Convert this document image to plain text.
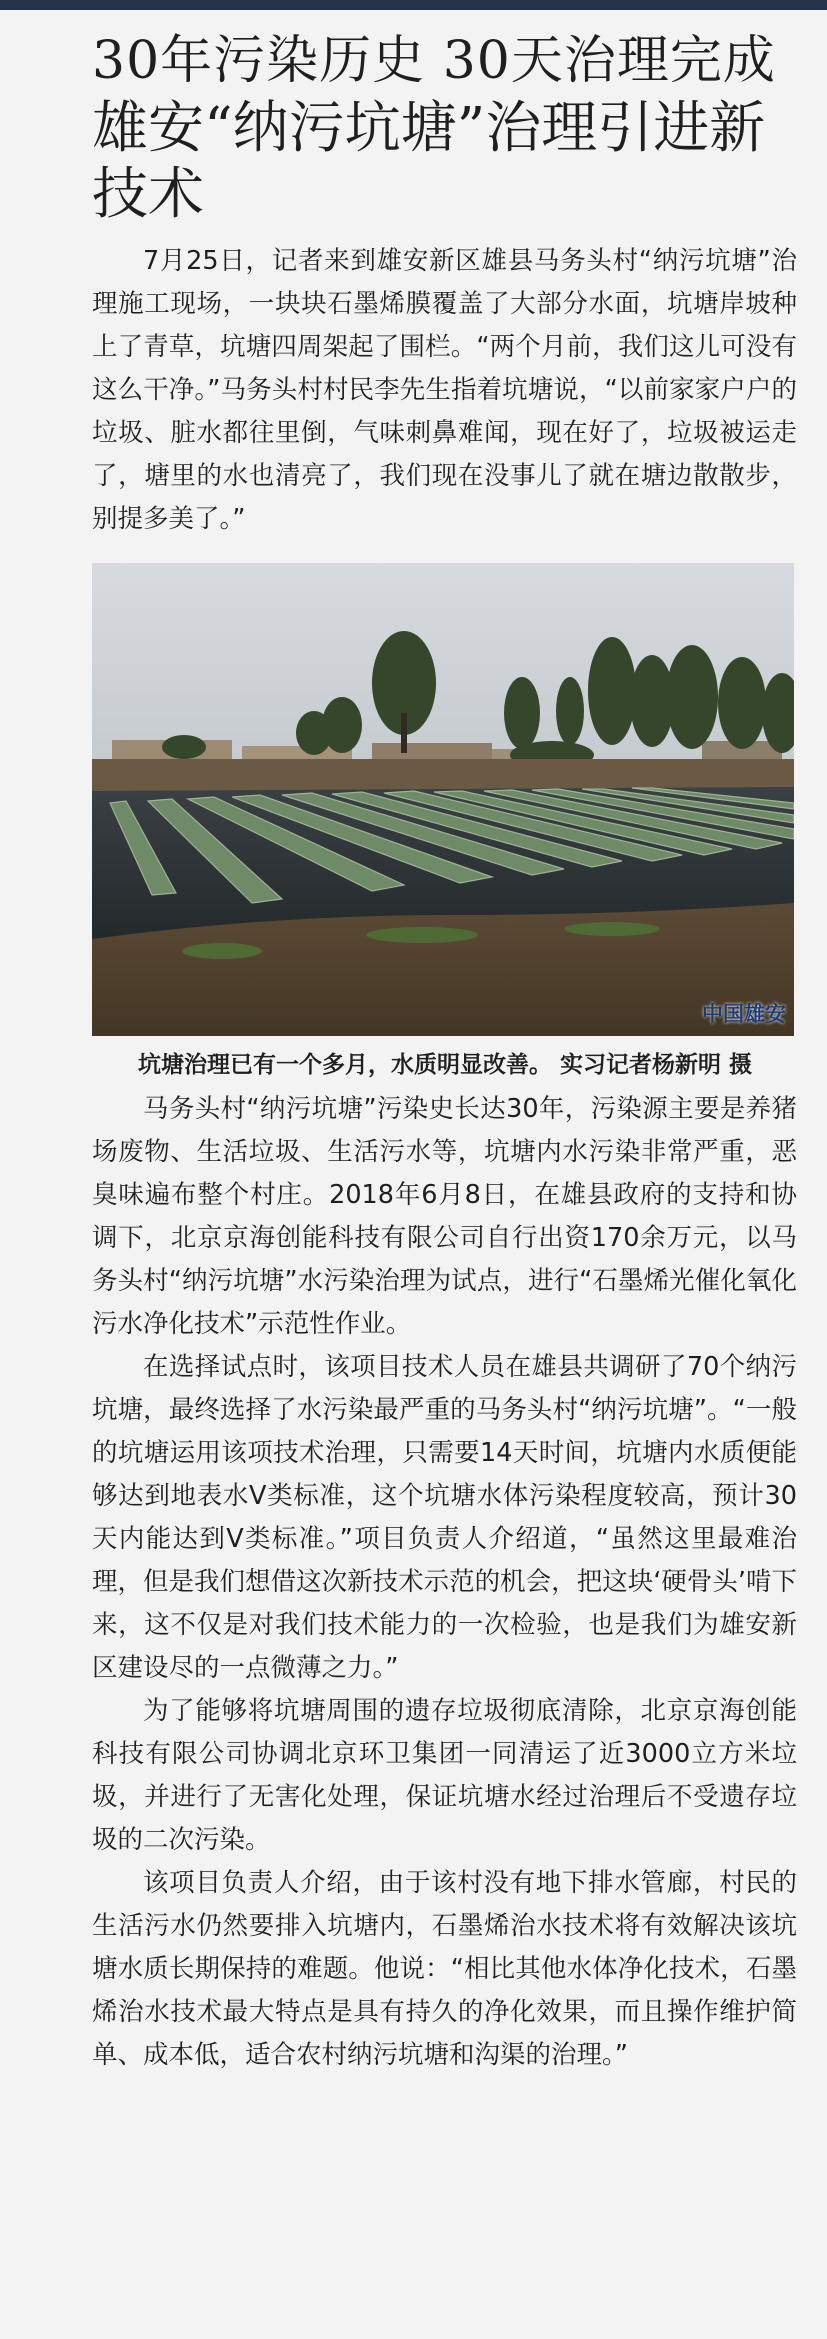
30年污染历史 30天治理完成
雄安“纳污坑塘”治理引进新技术

7月25日，记者来到雄安新区雄县马务头村“纳污坑塘”治理施工现场，一块块石墨烯膜覆盖了大部分水面，坑塘岸坡种上了青草，坑塘四周架起了围栏。“两个月前，我们这儿可没有这么干净。”马务头村村民李先生指着坑塘说，“以前家家户户的垃圾、脏水都往里倒，气味刺鼻难闻，现在好了，垃圾被运走了，塘里的水也清亮了，我们现在没事儿了就在塘边散散步，别提多美了。”

中国雄安

坑塘治理已有一个多月，水质明显改善。 实习记者杨新明 摄

马务头村“纳污坑塘”污染史长达30年，污染源主要是养猪场废物、生活垃圾、生活污水等，坑塘内水污染非常严重，恶臭味遍布整个村庄。2018年6月8日，在雄县政府的支持和协调下，北京京海创能科技有限公司自行出资170余万元，以马务头村“纳污坑塘”水污染治理为试点，进行“石墨烯光催化氧化污水净化技术”示范性作业。

在选择试点时，该项目技术人员在雄县共调研了70个纳污坑塘，最终选择了水污染最严重的马务头村“纳污坑塘”。“一般的坑塘运用该项技术治理，只需要14天时间，坑塘内水质便能够达到地表水V类标准，这个坑塘水体污染程度较高，预计30天内能达到V类标准。”项目负责人介绍道，“虽然这里最难治理，但是我们想借这次新技术示范的机会，把这块‘硬骨头’啃下来，这不仅是对我们技术能力的一次检验，也是我们为雄安新区建设尽的一点微薄之力。”

为了能够将坑塘周围的遗存垃圾彻底清除，北京京海创能科技有限公司协调北京环卫集团一同清运了近3000立方米垃圾，并进行了无害化处理，保证坑塘水经过治理后不受遗存垃圾的二次污染。

该项目负责人介绍，由于该村没有地下排水管廊，村民的生活污水仍然要排入坑塘内，石墨烯治水技术将有效解决该坑塘水质长期保持的难题。他说：“相比其他水体净化技术，石墨烯治水技术最大特点是具有持久的净化效果，而且操作维护简单、成本低，适合农村纳污坑塘和沟渠的治理。”
